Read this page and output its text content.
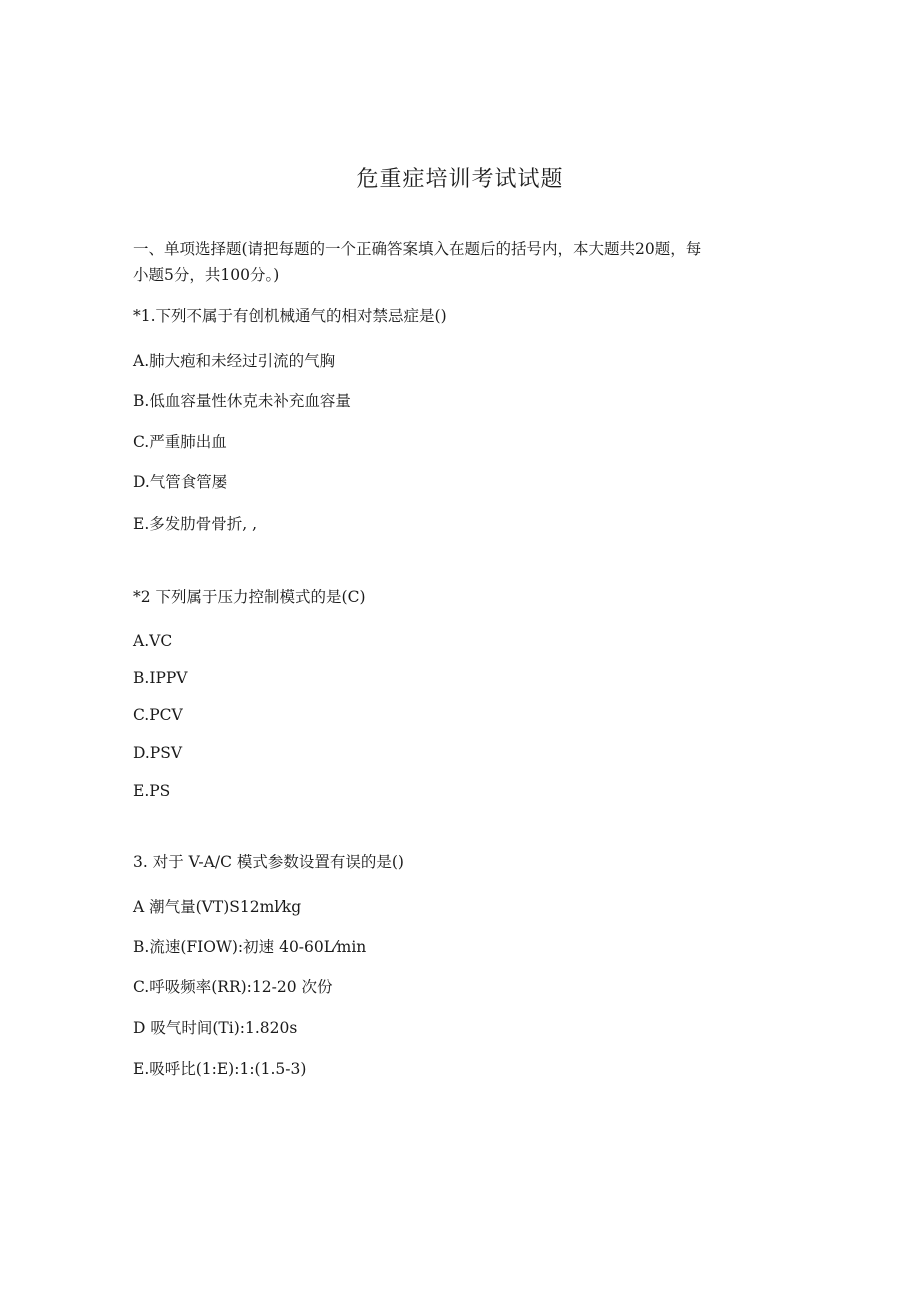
危重症培训考试试题
一、单项选择题(请把每题的一个正确答案填入在题后的括号内，本大题共20题，每
小题5分，共100分。)
*1.下列不属于有创机械通气的相对禁忌症是()
A.肺大疱和未经过引流的气胸
B.低血容量性休克未补充血容量
C.严重肺出血
D.气管食管屡
E.多发肋骨骨折, ,
*2 下列属于压力控制模式的是(C)
A.VC
B.IPPV
C.PCV
D.PSV
E.PS
3. 对于 V-A/C 模式参数设置有误的是()
A 潮气量(VT)S12ml⁄kg
B.流速(FIOW):初速 40-60L⁄min
C.呼吸频率(RR):12-20 次份
D 吸气时间(Ti):1.820s
E.吸呼比(1:E):1:(1.5-3)
